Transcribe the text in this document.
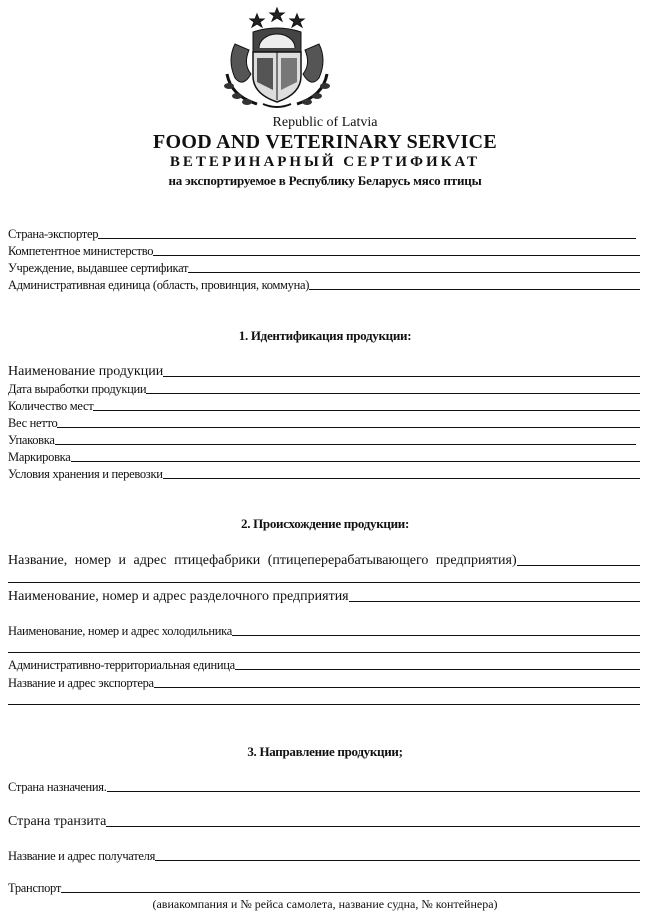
Republic of Latvia
FOOD AND VETERINARY SERVICE
ВЕТЕРИНАРНЫЙ СЕРТИФИКАТ
на экспортируемое в Республику Беларусь мясо птицы
Страна-экспортер
Компетентное министерство
Учреждение, выдавшее сертификат
Административная единица (область, провинция, коммуна)
1. Идентификация продукции:
Наименование продукции
Дата выработки продукции
Количество мест
Вес нетто
Упаковка
Маркировка
Условия хранения и перевозки
2. Происхождение продукции:
Название, номер и адрес птицефабрики (птицеперерабатывающего предприятия)
Наименование, номер и адрес разделочного предприятия
Наименование, номер и адрес холодильника
Административно-территориальная единица
Название и адрес экспортера
3. Направление продукции;
Страна назначения.
Страна транзита
Название и адрес получателя
Транспорт
(авиакомпания и № рейса самолета, название судна, № контейнера)
